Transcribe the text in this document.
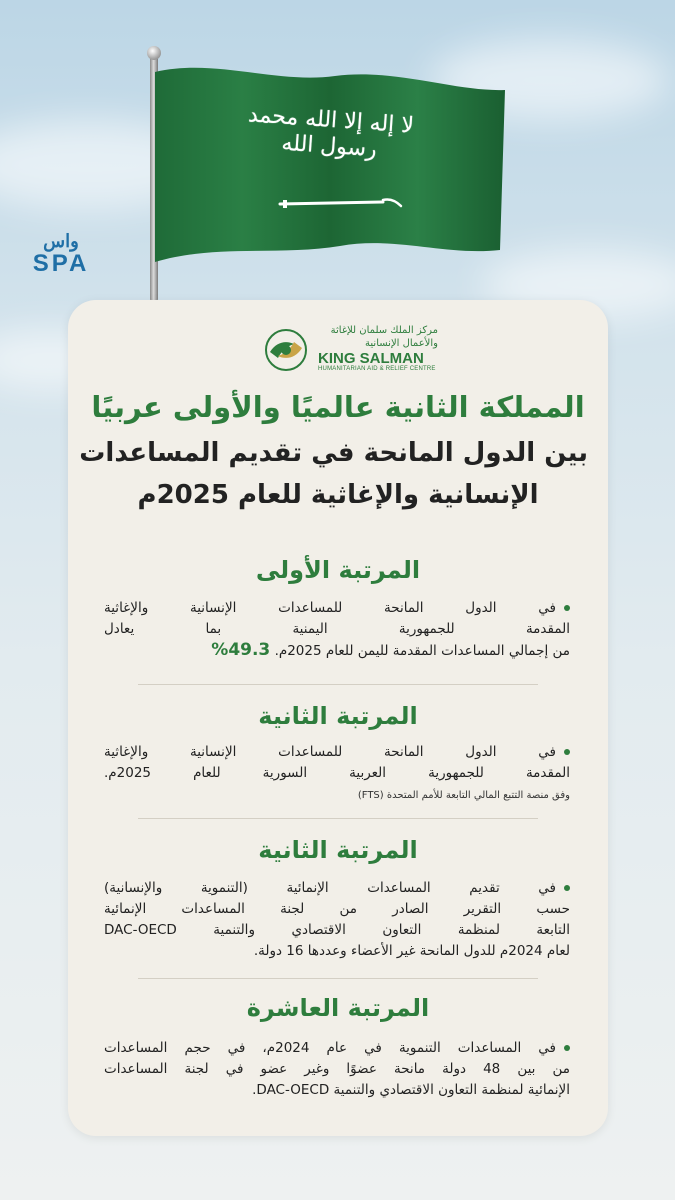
لا إله إلا الله محمد رسول الله
واس
SPA
مركز الملك سلمان للإغاثة والأعمال الإنسانية
KING SALMAN
HUMANITARIAN AID & RELIEF CENTRE
المملكة الثانية عالميًا والأولى عربيًا
بين الدول المانحة في تقديم المساعدات
الإنسانية والإغاثية للعام 2025م
المرتبة الأولى
في الدول المانحة للمساعدات الإنسانية والإغاثية
المقدمة للجمهورية اليمنية بما يعادل
من إجمالي المساعدات المقدمة لليمن للعام 2025م. 49.3%
المرتبة الثانية
في الدول المانحة للمساعدات الإنسانية والإغاثية
المقدمة للجمهورية العربية السورية للعام 2025م.
وفق منصة التتبع المالي التابعة للأمم المتحدة (FTS)
المرتبة الثانية
في تقديم المساعدات الإنمائية (التنموية والإنسانية)
حسب التقرير الصادر من لجنة المساعدات الإنمائية
التابعة لمنظمة التعاون الاقتصادي والتنمية DAC-OECD
لعام 2024م للدول المانحة غير الأعضاء وعددها 16 دولة.
المرتبة العاشرة
في المساعدات التنموية في عام 2024م، في حجم المساعدات
من بين 48 دولة مانحة عضوًا وغير عضو في لجنة المساعدات
الإنمائية لمنظمة التعاون الاقتصادي والتنمية DAC-OECD.
